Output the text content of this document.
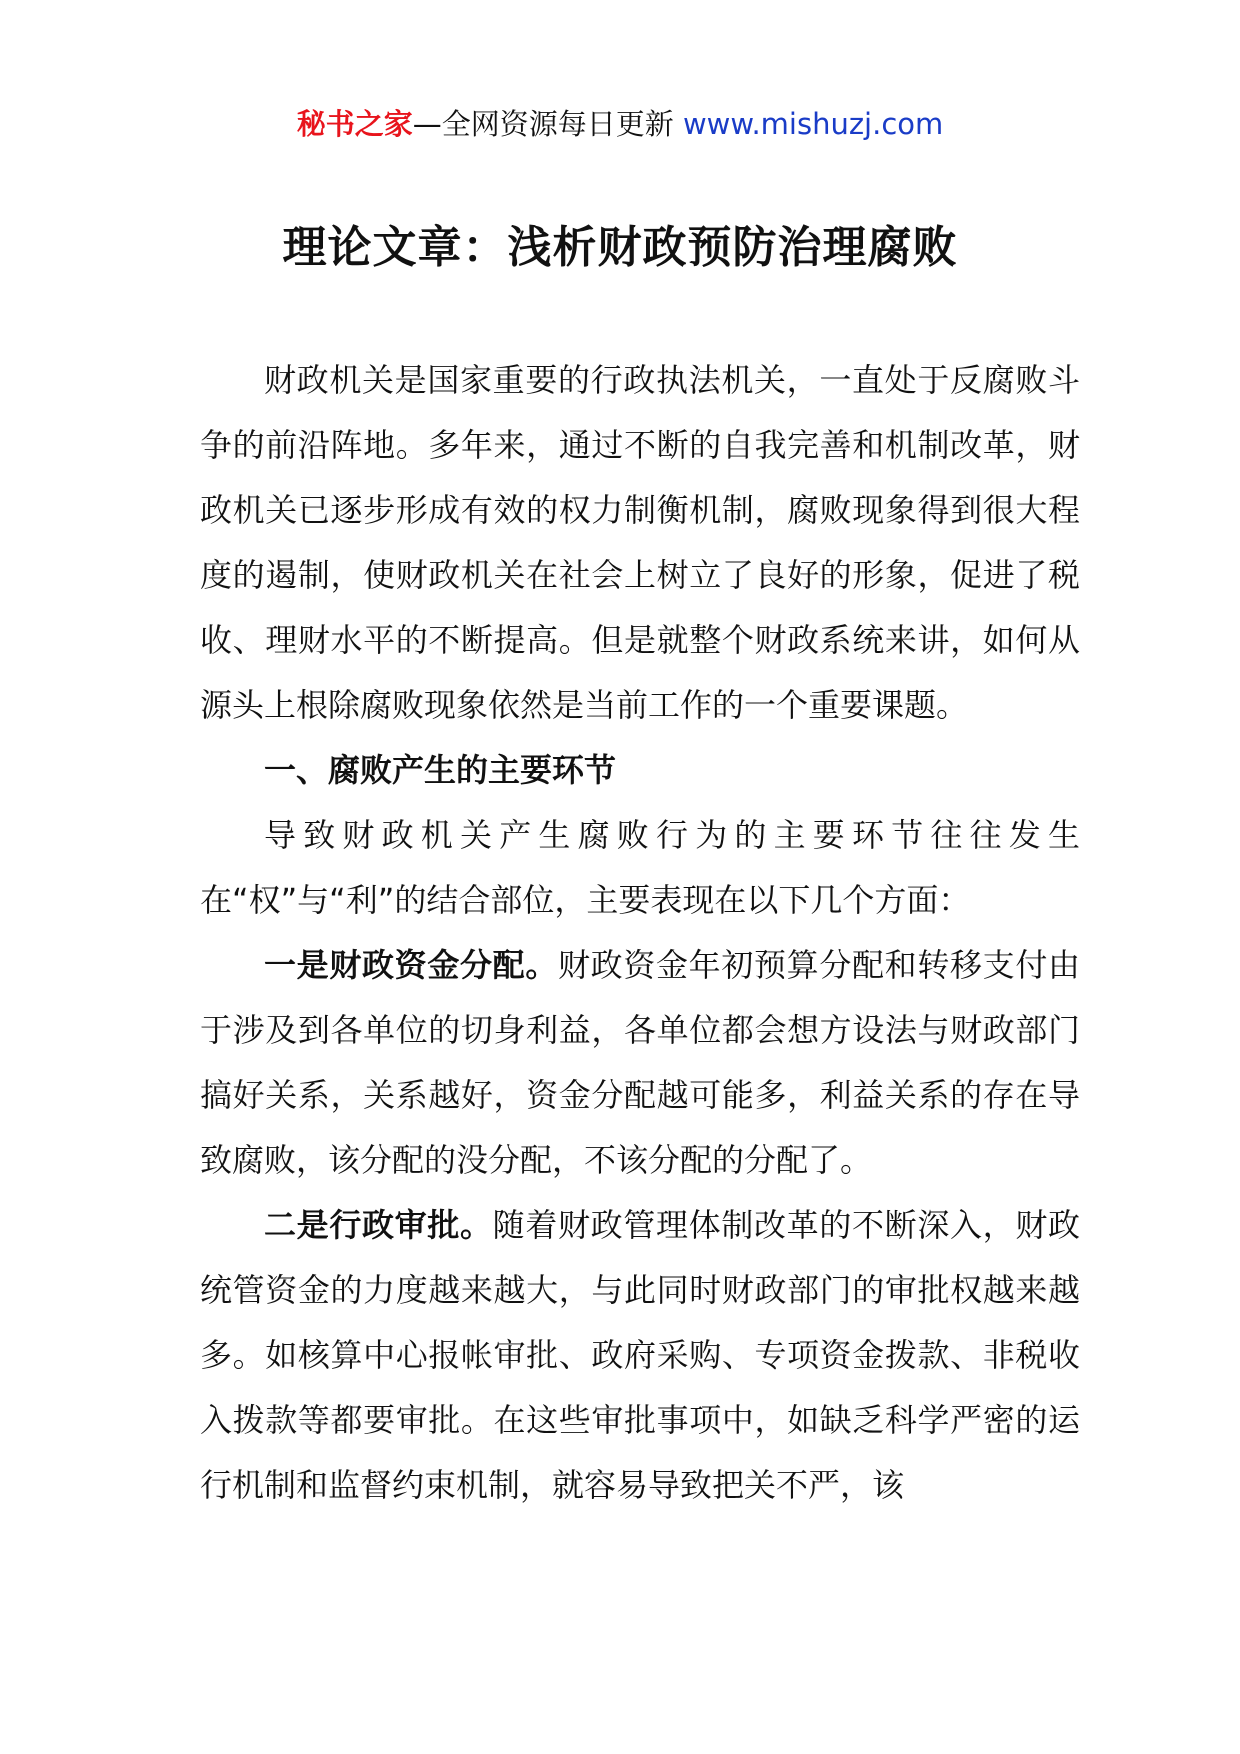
秘书之家—全网资源每日更新 www.mishuzj.com
理论文章：浅析财政预防治理腐败

财政机关是国家重要的行政执法机关，一直处于反腐败斗争的前沿阵地。多年来，通过不断的自我完善和机制改革，财政机关已逐步形成有效的权力制衡机制，腐败现象得到很大程度的遏制，使财政机关在社会上树立了良好的形象，促进了税收、理财水平的不断提高。但是就整个财政系统来讲，如何从源头上根除腐败现象依然是当前工作的一个重要课题。

一、腐败产生的主要环节

导致财政机关产生腐败行为的主要环节往往发生在“权”与“利”的结合部位，主要表现在以下几个方面：

一是财政资金分配。财政资金年初预算分配和转移支付由于涉及到各单位的切身利益，各单位都会想方设法与财政部门搞好关系，关系越好，资金分配越可能多，利益关系的存在导致腐败，该分配的没分配，不该分配的分配了。

二是行政审批。随着财政管理体制改革的不断深入，财政统管资金的力度越来越大，与此同时财政部门的审批权越来越多。如核算中心报帐审批、政府采购、专项资金拨款、非税收入拨款等都要审批。在这些审批事项中，如缺乏科学严密的运行机制和监督约束机制，就容易导致把关不严，该
